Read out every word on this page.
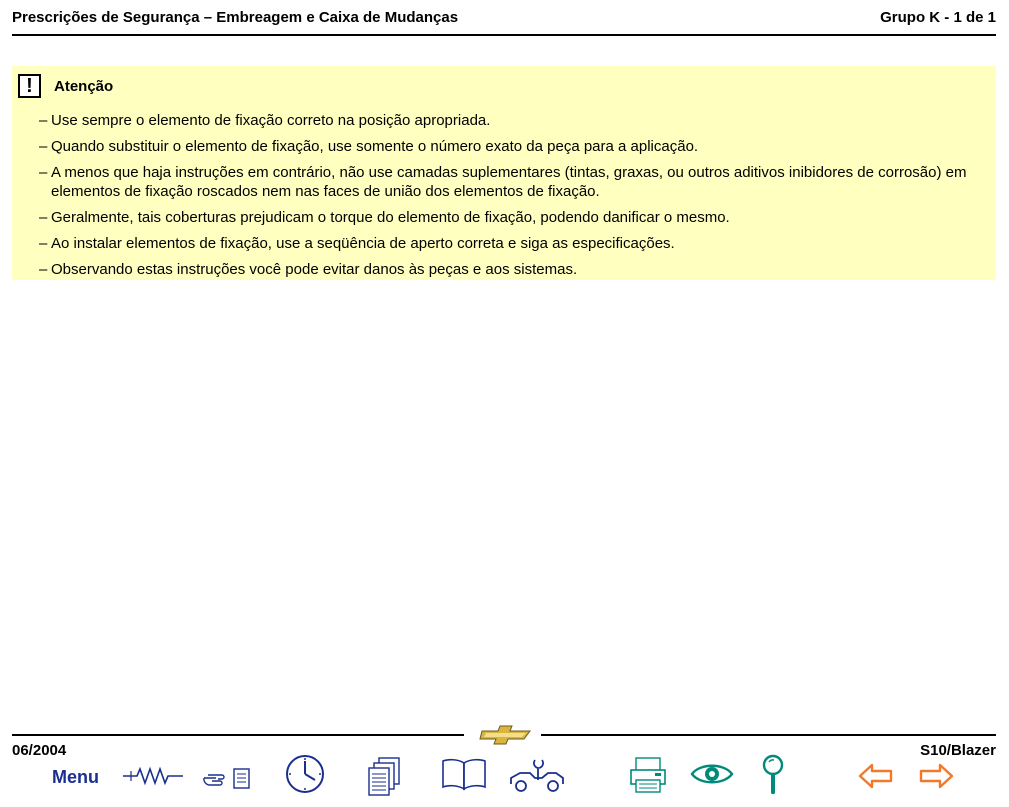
Prescrições de Segurança – Embreagem e Caixa de Mudanças	Grupo K - 1 de 1
!	Atenção
– Use sempre o elemento de fixação correto na posição apropriada.
– Quando substituir o elemento de fixação, use somente o número exato da peça para a aplicação.
– A menos que haja instruções em contrário, não use camadas suplementares (tintas, graxas, ou outros aditivos inibidores de corrosão) em elementos de fixação roscados nem nas faces de união dos elementos de fixação.
– Geralmente, tais coberturas prejudicam o torque do elemento de fixação, podendo danificar o mesmo.
– Ao instalar elementos de fixação, use a seqüência de aperto correta e siga as especificações.
– Observando estas instruções você pode evitar danos às peças e aos sistemas.
06/2004	S10/Blazer
Menu
